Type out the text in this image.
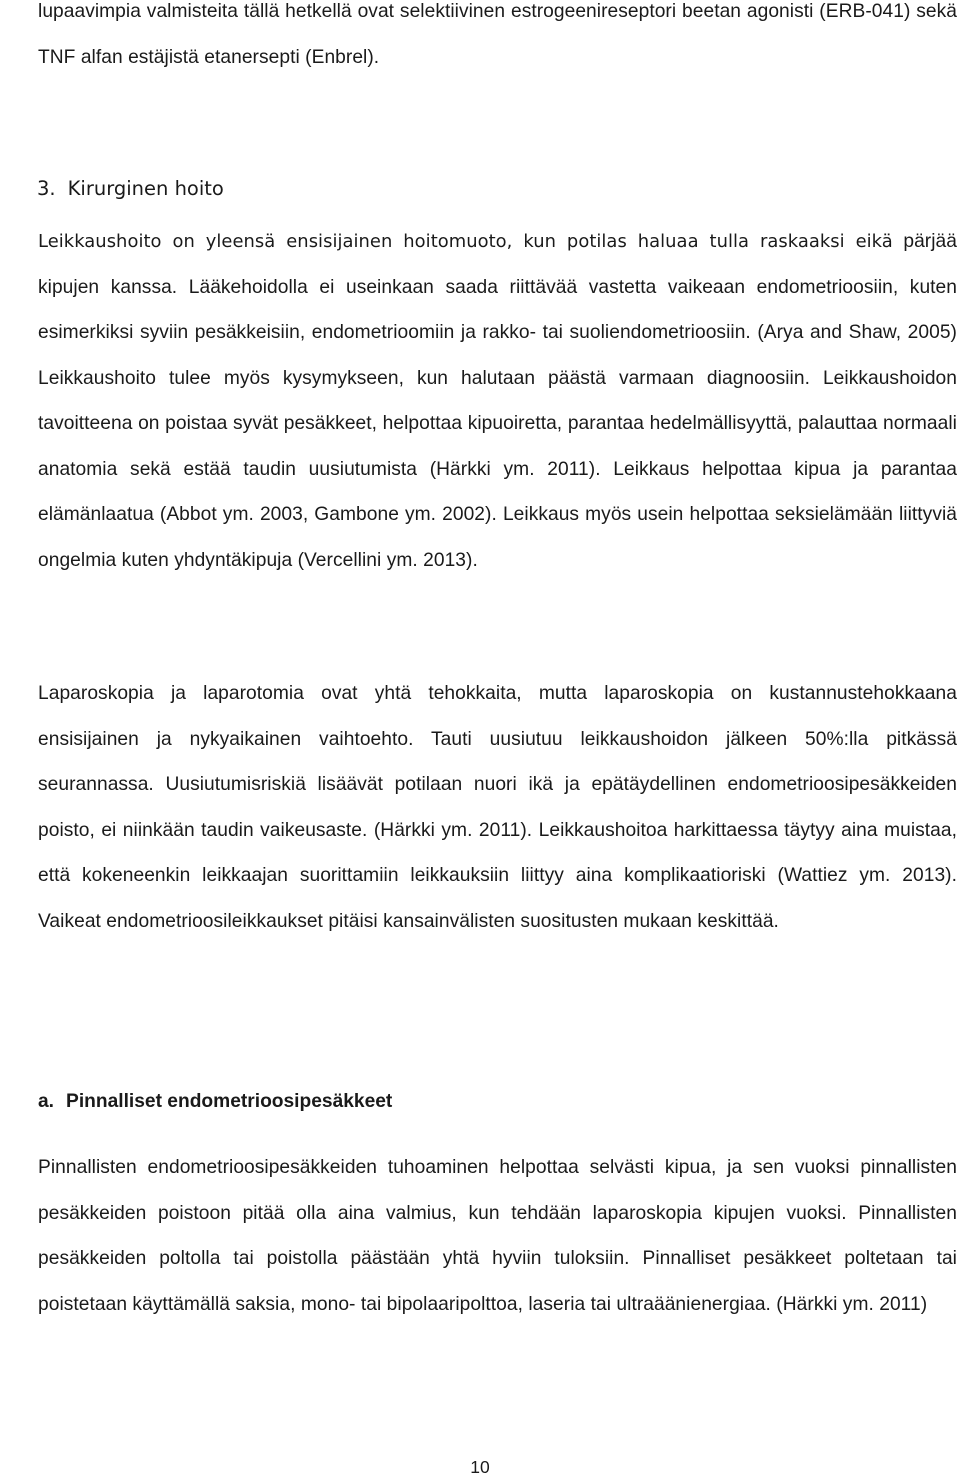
lupaavimpia valmisteita tällä hetkellä ovat selektiivinen estrogeenireseptori beetan agonisti (ERB-041) sekä TNF alfan estäjistä etanersepti (Enbrel).

3. Kirurginen hoito

Leikkaushoito on yleensä ensisijainen hoitomuoto, kun potilas haluaa tulla raskaaksi eikä pärjää kipujen kanssa. Lääkehoidolla ei useinkaan saada riittävää vastetta vaikeaan endometrioosiin, kuten esimerkiksi syviin pesäkkeisiin, endometrioomiin ja rakko- tai suoliendometrioosiin. (Arya and Shaw, 2005) Leikkaushoito tulee myös kysymykseen, kun halutaan päästä varmaan diagnoosiin. Leikkaushoidon tavoitteena on poistaa syvät pesäkkeet, helpottaa kipuoiretta, parantaa hedelmällisyyttä, palauttaa normaali anatomia sekä estää taudin uusiutumista (Härkki ym. 2011). Leikkaus helpottaa kipua ja parantaa elämänlaatua (Abbot ym. 2003, Gambone ym. 2002). Leikkaus myös usein helpottaa seksielämään liittyviä ongelmia kuten yhdyntäkipuja (Vercellini ym. 2013).

Laparoskopia ja laparotomia ovat yhtä tehokkaita, mutta laparoskopia on kustannustehokkaana ensisijainen ja nykyaikainen vaihtoehto. Tauti uusiutuu leikkaushoidon jälkeen 50%:lla pitkässä seurannassa. Uusiutumisriskiä lisäävät potilaan nuori ikä ja epätäydellinen endometrioosipesäkkeiden poisto, ei niinkään taudin vaikeusaste. (Härkki ym. 2011). Leikkaushoitoa harkittaessa täytyy aina muistaa, että kokeneenkin leikkaajan suorittamiin leikkauksiin liittyy aina komplikaatioriski (Wattiez ym. 2013). Vaikeat endometrioosileikkaukset pitäisi kansainvälisten suositusten mukaan keskittää.

a. Pinnalliset endometrioosipesäkkeet

Pinnallisten endometrioosipesäkkeiden tuhoaminen helpottaa selvästi kipua, ja sen vuoksi pinnallisten pesäkkeiden poistoon pitää olla aina valmius, kun tehdään laparoskopia kipujen vuoksi. Pinnallisten pesäkkeiden poltolla tai poistolla päästään yhtä hyviin tuloksiin. Pinnalliset pesäkkeet poltetaan tai poistetaan käyttämällä saksia, mono- tai bipolaaripolttoa, laseria tai ultraäänienergiaa. (Härkki ym. 2011)

10
